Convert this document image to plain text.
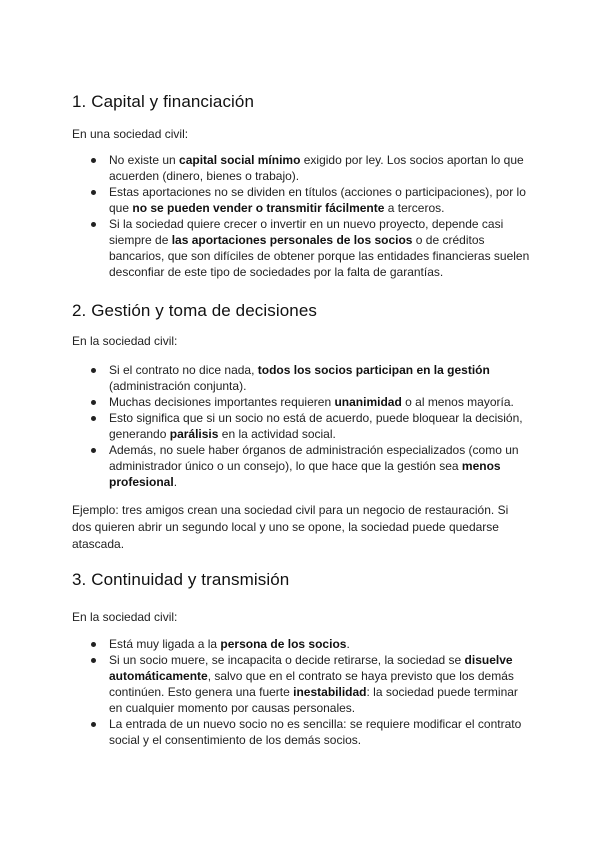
1. Capital y financiación

En una sociedad civil:

No existe un capital social mínimo exigido por ley. Los socios aportan lo que acuerden (dinero, bienes o trabajo).
Estas aportaciones no se dividen en títulos (acciones o participaciones), por lo que no se pueden vender o transmitir fácilmente a terceros.
Si la sociedad quiere crecer o invertir en un nuevo proyecto, depende casi siempre de las aportaciones personales de los socios o de créditos bancarios, que son difíciles de obtener porque las entidades financieras suelen desconfiar de este tipo de sociedades por la falta de garantías.
2. Gestión y toma de decisiones

En la sociedad civil:

Si el contrato no dice nada, todos los socios participan en la gestión (administración conjunta).
Muchas decisiones importantes requieren unanimidad o al menos mayoría.
Esto significa que si un socio no está de acuerdo, puede bloquear la decisión, generando parálisis en la actividad social.
Además, no suele haber órganos de administración especializados (como un administrador único o un consejo), lo que hace que la gestión sea menos profesional.

Ejemplo: tres amigos crean una sociedad civil para un negocio de restauración. Si dos quieren abrir un segundo local y uno se opone, la sociedad puede quedarse atascada.

3. Continuidad y transmisión

En la sociedad civil:

Está muy ligada a la persona de los socios.
Si un socio muere, se incapacita o decide retirarse, la sociedad se disuelve automáticamente, salvo que en el contrato se haya previsto que los demás continúen. Esto genera una fuerte inestabilidad: la sociedad puede terminar en cualquier momento por causas personales.
La entrada de un nuevo socio no es sencilla: se requiere modificar el contrato social y el consentimiento de los demás socios.
